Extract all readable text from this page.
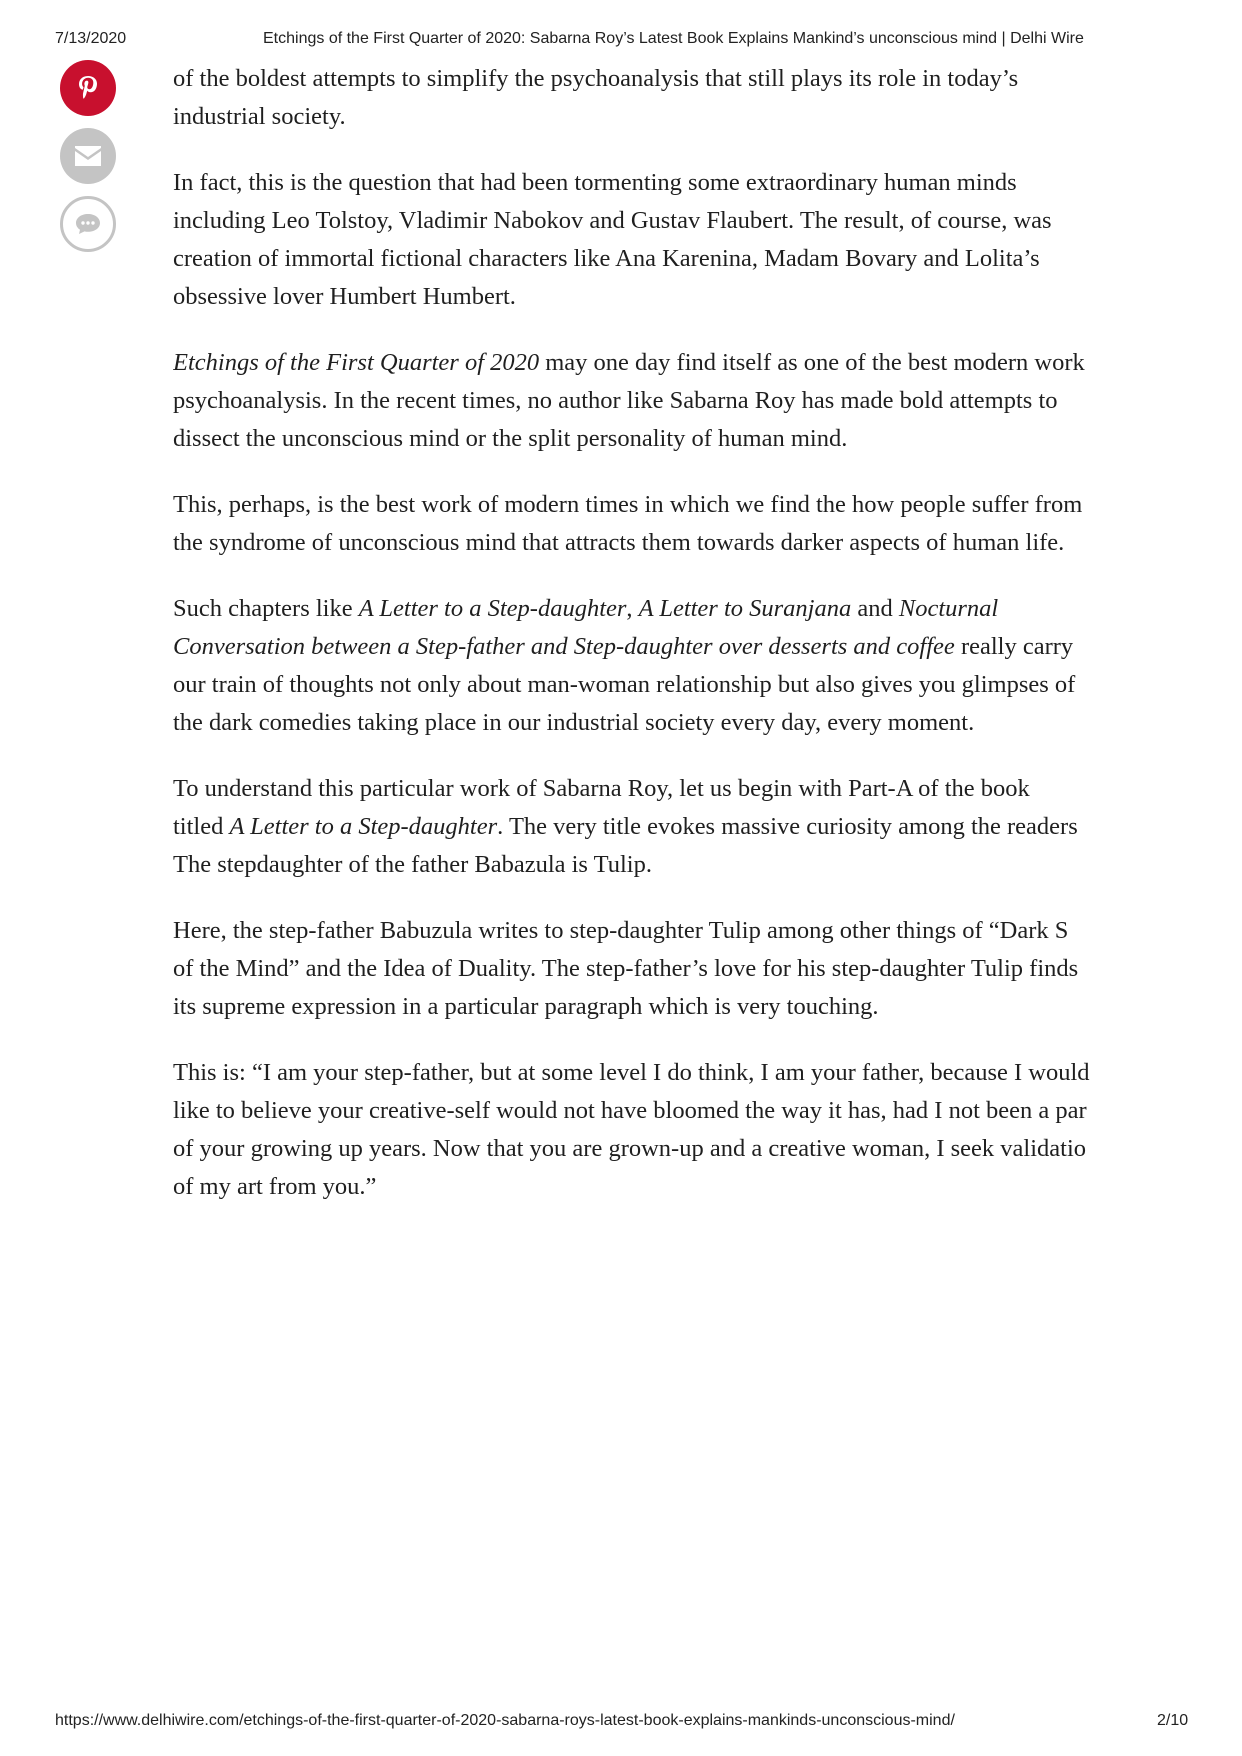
7/13/2020	Etchings of the First Quarter of 2020: Sabarna Roy’s Latest Book Explains Mankind’s unconscious mind | Delhi Wire

of the boldest attempts to simplify the psychoanalysis that still plays its role in today’s
industrial society.

In fact, this is the question that had been tormenting some extraordinary human minds
including Leo Tolstoy, Vladimir Nabokov and Gustav Flaubert. The result, of course, was
creation of immortal fictional characters like Ana Karenina, Madam Bovary and Lolita’s
obsessive lover Humbert Humbert.

Etchings of the First Quarter of 2020 may one day find itself as one of the best modern work
psychoanalysis. In the recent times, no author like Sabarna Roy has made bold attempts to
dissect the unconscious mind or the split personality of human mind.

This, perhaps, is the best work of modern times in which we find the how people suffer from
the syndrome of unconscious mind that attracts them towards darker aspects of human life.

Such chapters like A Letter to a Step-daughter, A Letter to Suranjana and Nocturnal
Conversation between a Step-father and Step-daughter over desserts and coffee really carry
our train of thoughts not only about man-woman relationship but also gives you glimpses of
the dark comedies taking place in our industrial society every day, every moment.

To understand this particular work of Sabarna Roy, let us begin with Part-A of the book
titled A Letter to a Step-daughter. The very title evokes massive curiosity among the readers
The stepdaughter of the father Babazula is Tulip.

Here, the step-father Babuzula writes to step-daughter Tulip among other things of “Dark S
of the Mind” and the Idea of Duality. The step-father’s love for his step-daughter Tulip finds
its supreme expression in a particular paragraph which is very touching.

This is: “I am your step-father, but at some level I do think, I am your father, because I would
like to believe your creative-self would not have bloomed the way it has, had I not been a par
of your growing up years. Now that you are grown-up and a creative woman, I seek validatio
of my art from you.”

https://www.delhiwire.com/etchings-of-the-first-quarter-of-2020-sabarna-roys-latest-book-explains-mankinds-unconscious-mind/	2/10
